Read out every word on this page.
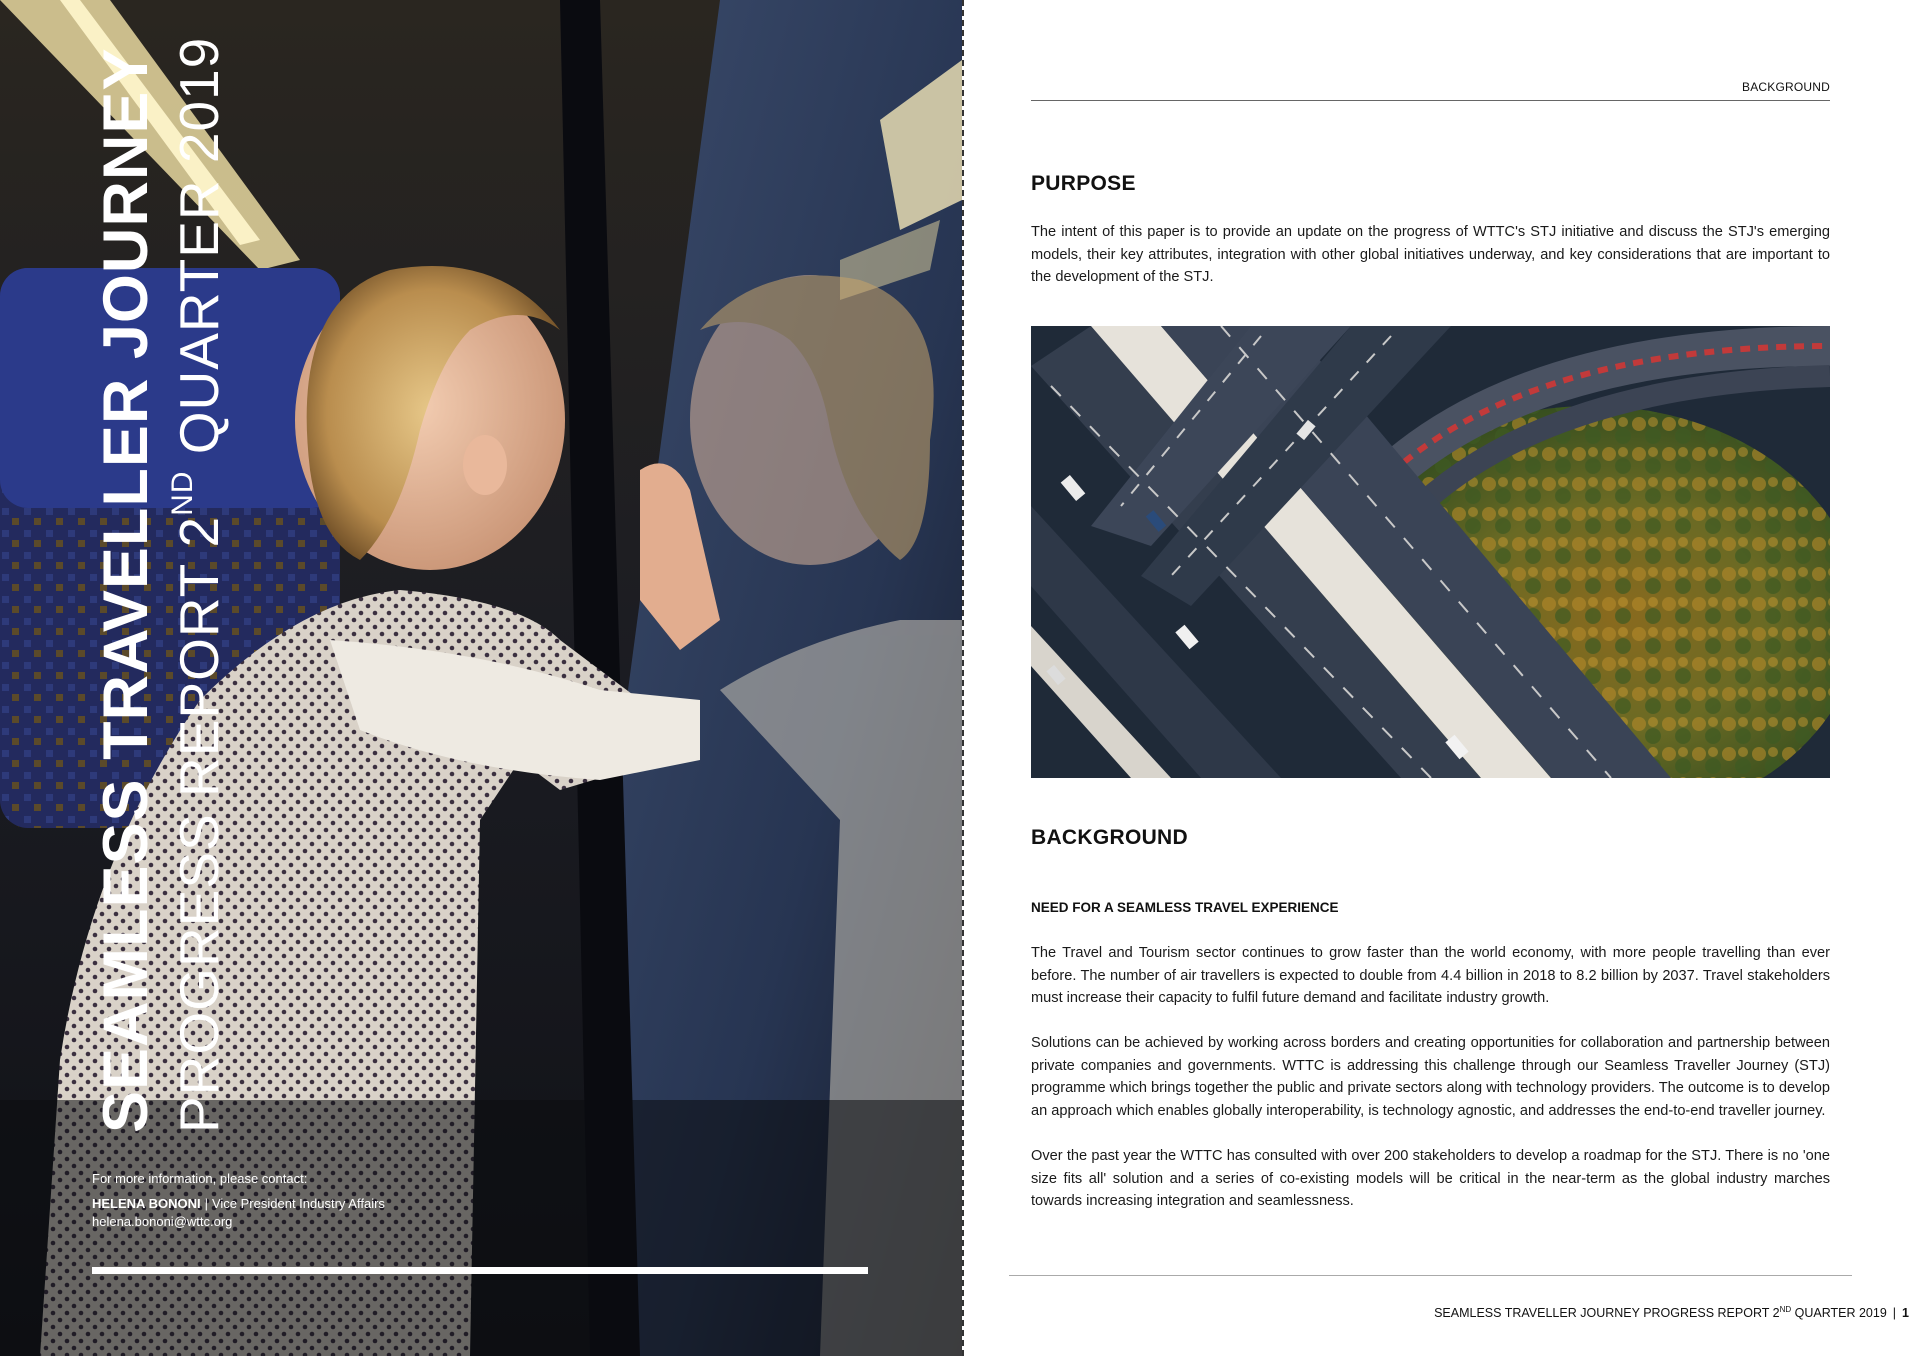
SEAMLESS TRAVELLER JOURNEY PROGRESS REPORT 2ND QUARTER 2019
For more information, please contact:
HELENA BONONI | Vice President Industry Affairs
helena.bononi@wttc.org
BACKGROUND
PURPOSE

The intent of this paper is to provide an update on the progress of WTTC's STJ initiative and discuss the STJ's emerging models, their key attributes, integration with other global initiatives underway, and key considerations that are important to the development of the STJ.

BACKGROUND
NEED FOR A SEAMLESS TRAVEL EXPERIENCE

The Travel and Tourism sector continues to grow faster than the world economy, with more people travelling than ever before. The number of air travellers is expected to double from 4.4 billion in 2018 to 8.2 billion by 2037. Travel stakeholders must increase their capacity to fulfil future demand and facilitate industry growth.

Solutions can be achieved by working across borders and creating opportunities for collaboration and partnership between private companies and governments. WTTC is addressing this challenge through our Seamless Traveller Journey (STJ) programme which brings together the public and private sectors along with technology providers. The outcome is to develop an approach which enables globally interoperability, is technology agnostic, and addresses the end-to-end traveller journey.

Over the past year the WTTC has consulted with over 200 stakeholders to develop a roadmap for the STJ. There is no 'one size fits all' solution and a series of co-existing models will be critical in the near-term as the global industry marches towards increasing integration and seamlessness.

SEAMLESS TRAVELLER JOURNEY PROGRESS REPORT 2ND QUARTER 2019 | 1
